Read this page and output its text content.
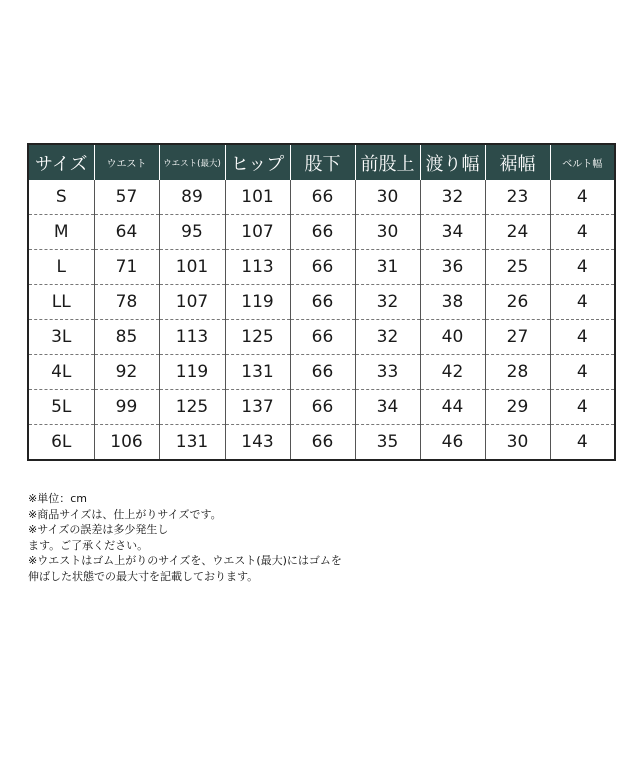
サイズ	ウエスト	ウエスト(最大)	ヒップ	股下	前股上	渡り幅	裾幅	ベルト幅
S	57	89	101	66	30	32	23	4
M	64	95	107	66	30	34	24	4
L	71	101	113	66	31	36	25	4
LL	78	107	119	66	32	38	26	4
3L	85	113	125	66	32	40	27	4
4L	92	119	131	66	33	42	28	4
5L	99	125	137	66	34	44	29	4
6L	106	131	143	66	35	46	30	4
※単位：cm
※商品サイズは、仕上がりサイズです。
※サイズの誤差は多少発生し
ます。ご了承ください。
※ウエストはゴム上がりのサイズを、ウエスト(最大)にはゴムを
伸ばした状態での最大寸を記載しております。
